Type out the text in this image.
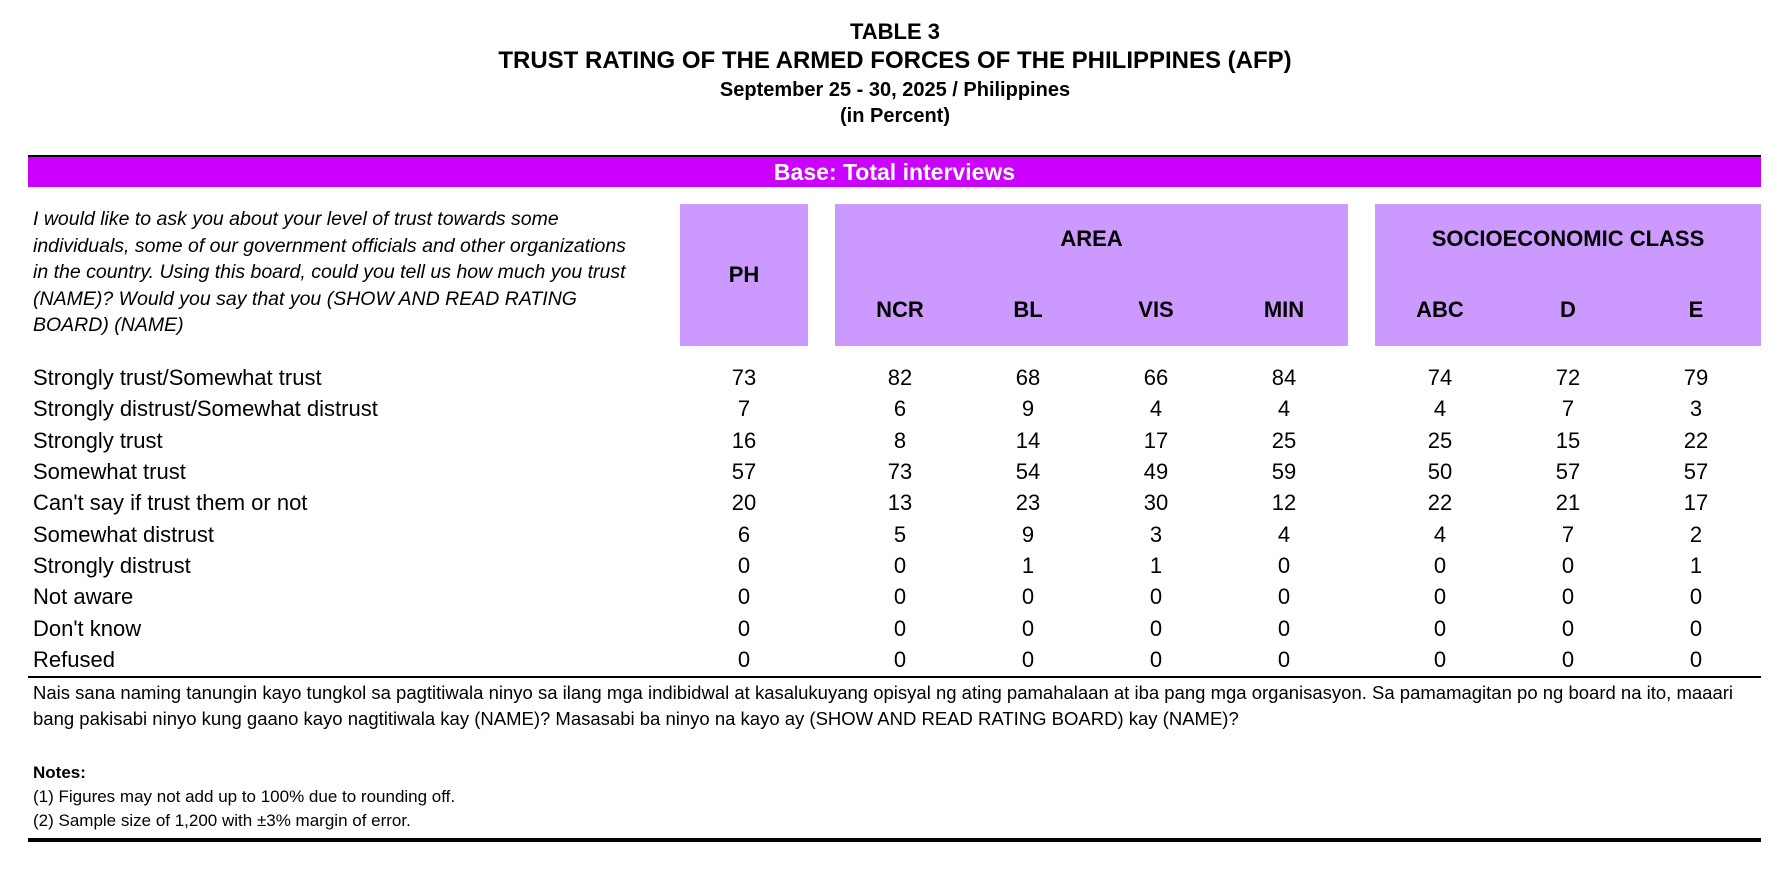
TABLE 3
TRUST RATING OF THE ARMED FORCES OF THE PHILIPPINES (AFP)
September 25 - 30, 2025 / Philippines
(in Percent)
Base: Total interviews
I would like to ask you about your level of trust towards some individuals, some of our government officials and other organizations in the country. Using this board, could you tell us how much you trust (NAME)? Would you say that you (SHOW AND READ RATING BOARD) (NAME)
PH
AREA	SOCIOECONOMIC CLASS
NCR	BL	VIS	MIN	ABC	D	E
Strongly trust/Somewhat trust	73	82	68	66	84	74	72	79
Strongly distrust/Somewhat distrust	7	6	9	4	4	4	7	3
Strongly trust	16	8	14	17	25	25	15	22
Somewhat trust	57	73	54	49	59	50	57	57
Can't say if trust them or not	20	13	23	30	12	22	21	17
Somewhat distrust	6	5	9	3	4	4	7	2
Strongly distrust	0	0	1	1	0	0	0	1
Not aware	0	0	0	0	0	0	0	0
Don't know	0	0	0	0	0	0	0	0
Refused	0	0	0	0	0	0	0	0
Nais sana naming tanungin kayo tungkol sa pagtitiwala ninyo sa ilang mga indibidwal at kasalukuyang opisyal ng ating pamahalaan at iba pang mga organisasyon. Sa pamamagitan po ng board na ito, maaari bang pakisabi ninyo kung gaano kayo nagtitiwala kay (NAME)? Masasabi ba ninyo na kayo ay (SHOW AND READ RATING BOARD) kay (NAME)?
Notes:
(1) Figures may not add up to 100% due to rounding off.
(2) Sample size of 1,200 with ±3% margin of error.
